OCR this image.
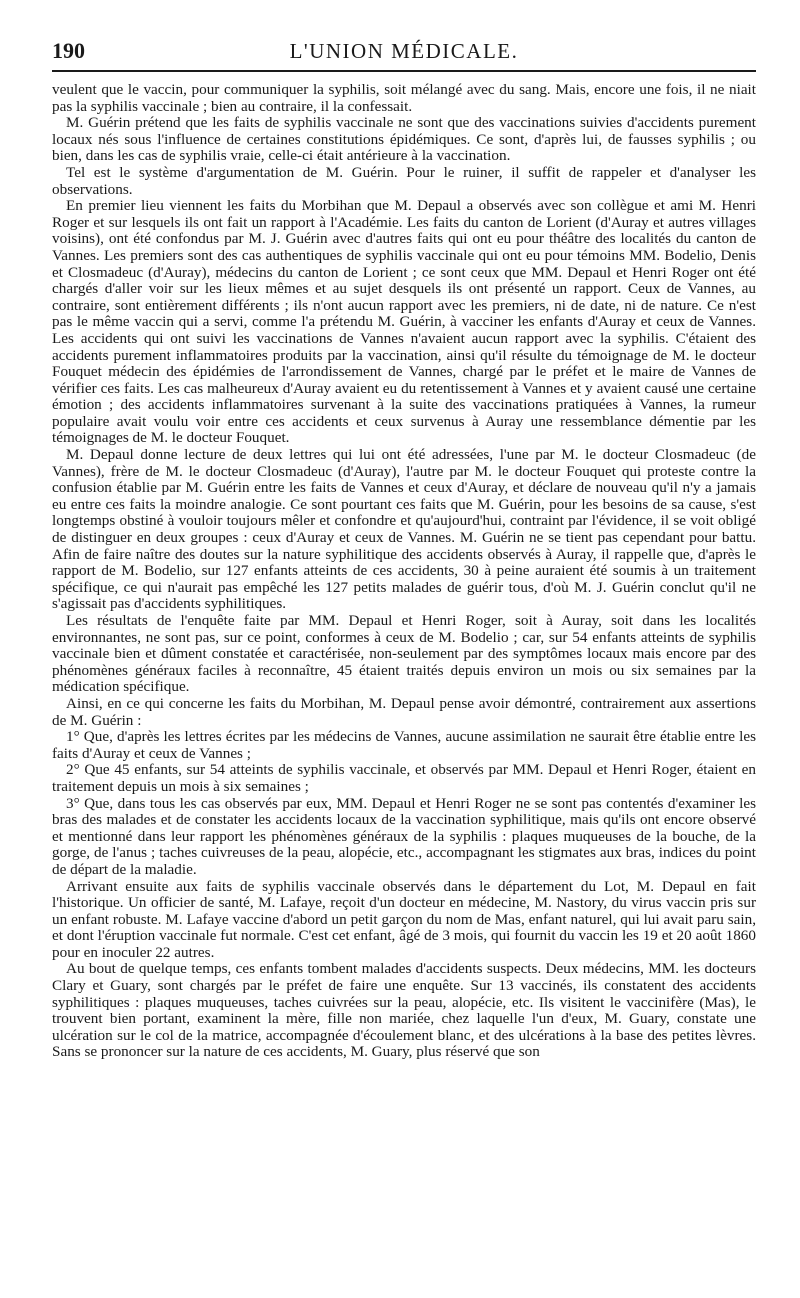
190	L'UNION MÉDICALE.

veulent que le vaccin, pour communiquer la syphilis, soit mélangé avec du sang. Mais, encore une fois, il ne niait pas la syphilis vaccinale ; bien au contraire, il la confessait.

M. Guérin prétend que les faits de syphilis vaccinale ne sont que des vaccinations suivies d'accidents purement locaux nés sous l'influence de certaines constitutions épidémiques. Ce sont, d'après lui, de fausses syphilis ; ou bien, dans les cas de syphilis vraie, celle-ci était antérieure à la vaccination.

Tel est le système d'argumentation de M. Guérin. Pour le ruiner, il suffit de rappeler et d'analyser les observations.

En premier lieu viennent les faits du Morbihan que M. Depaul a observés avec son collègue et ami M. Henri Roger et sur lesquels ils ont fait un rapport à l'Académie. Les faits du canton de Lorient (d'Auray et autres villages voisins), ont été confondus par M. J. Guérin avec d'autres faits qui ont eu pour théâtre des localités du canton de Vannes. Les premiers sont des cas authentiques de syphilis vaccinale qui ont eu pour témoins MM. Bodelio, Denis et Closmadeuc (d'Auray), médecins du canton de Lorient ; ce sont ceux que MM. Depaul et Henri Roger ont été chargés d'aller voir sur les lieux mêmes et au sujet desquels ils ont présenté un rapport. Ceux de Vannes, au contraire, sont entièrement différents ; ils n'ont aucun rapport avec les premiers, ni de date, ni de nature. Ce n'est pas le même vaccin qui a servi, comme l'a prétendu M. Guérin, à vacciner les enfants d'Auray et ceux de Vannes. Les accidents qui ont suivi les vaccinations de Vannes n'avaient aucun rapport avec la syphilis. C'étaient des accidents purement inflammatoires produits par la vaccination, ainsi qu'il résulte du témoignage de M. le docteur Fouquet médecin des épidémies de l'arrondissement de Vannes, chargé par le préfet et le maire de Vannes de vérifier ces faits. Les cas malheureux d'Auray avaient eu du retentissement à Vannes et y avaient causé une certaine émotion ; des accidents inflammatoires survenant à la suite des vaccinations pratiquées à Vannes, la rumeur populaire avait voulu voir entre ces accidents et ceux survenus à Auray une ressemblance démentie par les témoignages de M. le docteur Fouquet.

M. Depaul donne lecture de deux lettres qui lui ont été adressées, l'une par M. le docteur Closmadeuc (de Vannes), frère de M. le docteur Closmadeuc (d'Auray), l'autre par M. le docteur Fouquet qui proteste contre la confusion établie par M. Guérin entre les faits de Vannes et ceux d'Auray, et déclare de nouveau qu'il n'y a jamais eu entre ces faits la moindre analogie. Ce sont pourtant ces faits que M. Guérin, pour les besoins de sa cause, s'est longtemps obstiné à vouloir toujours mêler et confondre et qu'aujourd'hui, contraint par l'évidence, il se voit obligé de distinguer en deux groupes : ceux d'Auray et ceux de Vannes. M. Guérin ne se tient pas cependant pour battu. Afin de faire naître des doutes sur la nature syphilitique des accidents observés à Auray, il rappelle que, d'après le rapport de M. Bodelio, sur 127 enfants atteints de ces accidents, 30 à peine auraient été soumis à un traitement spécifique, ce qui n'aurait pas empêché les 127 petits malades de guérir tous, d'où M. J. Guérin conclut qu'il ne s'agissait pas d'accidents syphilitiques.

Les résultats de l'enquête faite par MM. Depaul et Henri Roger, soit à Auray, soit dans les localités environnantes, ne sont pas, sur ce point, conformes à ceux de M. Bodelio ; car, sur 54 enfants atteints de syphilis vaccinale bien et dûment constatée et caractérisée, non-seulement par des symptômes locaux mais encore par des phénomènes généraux faciles à reconnaître, 45 étaient traités depuis environ un mois ou six semaines par la médication spécifique.

Ainsi, en ce qui concerne les faits du Morbihan, M. Depaul pense avoir démontré, contrairement aux assertions de M. Guérin :

1° Que, d'après les lettres écrites par les médecins de Vannes, aucune assimilation ne saurait être établie entre les faits d'Auray et ceux de Vannes ;

2° Que 45 enfants, sur 54 atteints de syphilis vaccinale, et observés par MM. Depaul et Henri Roger, étaient en traitement depuis un mois à six semaines ;

3° Que, dans tous les cas observés par eux, MM. Depaul et Henri Roger ne se sont pas contentés d'examiner les bras des malades et de constater les accidents locaux de la vaccination syphilitique, mais qu'ils ont encore observé et mentionné dans leur rapport les phénomènes généraux de la syphilis : plaques muqueuses de la bouche, de la gorge, de l'anus ; taches cuivreuses de la peau, alopécie, etc., accompagnant les stigmates aux bras, indices du point de départ de la maladie.

Arrivant ensuite aux faits de syphilis vaccinale observés dans le département du Lot, M. Depaul en fait l'historique. Un officier de santé, M. Lafaye, reçoit d'un docteur en médecine, M. Nastory, du virus vaccin pris sur un enfant robuste. M. Lafaye vaccine d'abord un petit garçon du nom de Mas, enfant naturel, qui lui avait paru sain, et dont l'éruption vaccinale fut normale. C'est cet enfant, âgé de 3 mois, qui fournit du vaccin les 19 et 20 août 1860 pour en inoculer 22 autres.

Au bout de quelque temps, ces enfants tombent malades d'accidents suspects. Deux médecins, MM. les docteurs Clary et Guary, sont chargés par le préfet de faire une enquête. Sur 13 vaccinés, ils constatent des accidents syphilitiques : plaques muqueuses, taches cuivrées sur la peau, alopécie, etc. Ils visitent le vaccinifère (Mas), le trouvent bien portant, examinent la mère, fille non mariée, chez laquelle l'un d'eux, M. Guary, constate une ulcération sur le col de la matrice, accompagnée d'écoulement blanc, et des ulcérations à la base des petites lèvres. Sans se prononcer sur la nature de ces accidents, M. Guary, plus réservé que son
